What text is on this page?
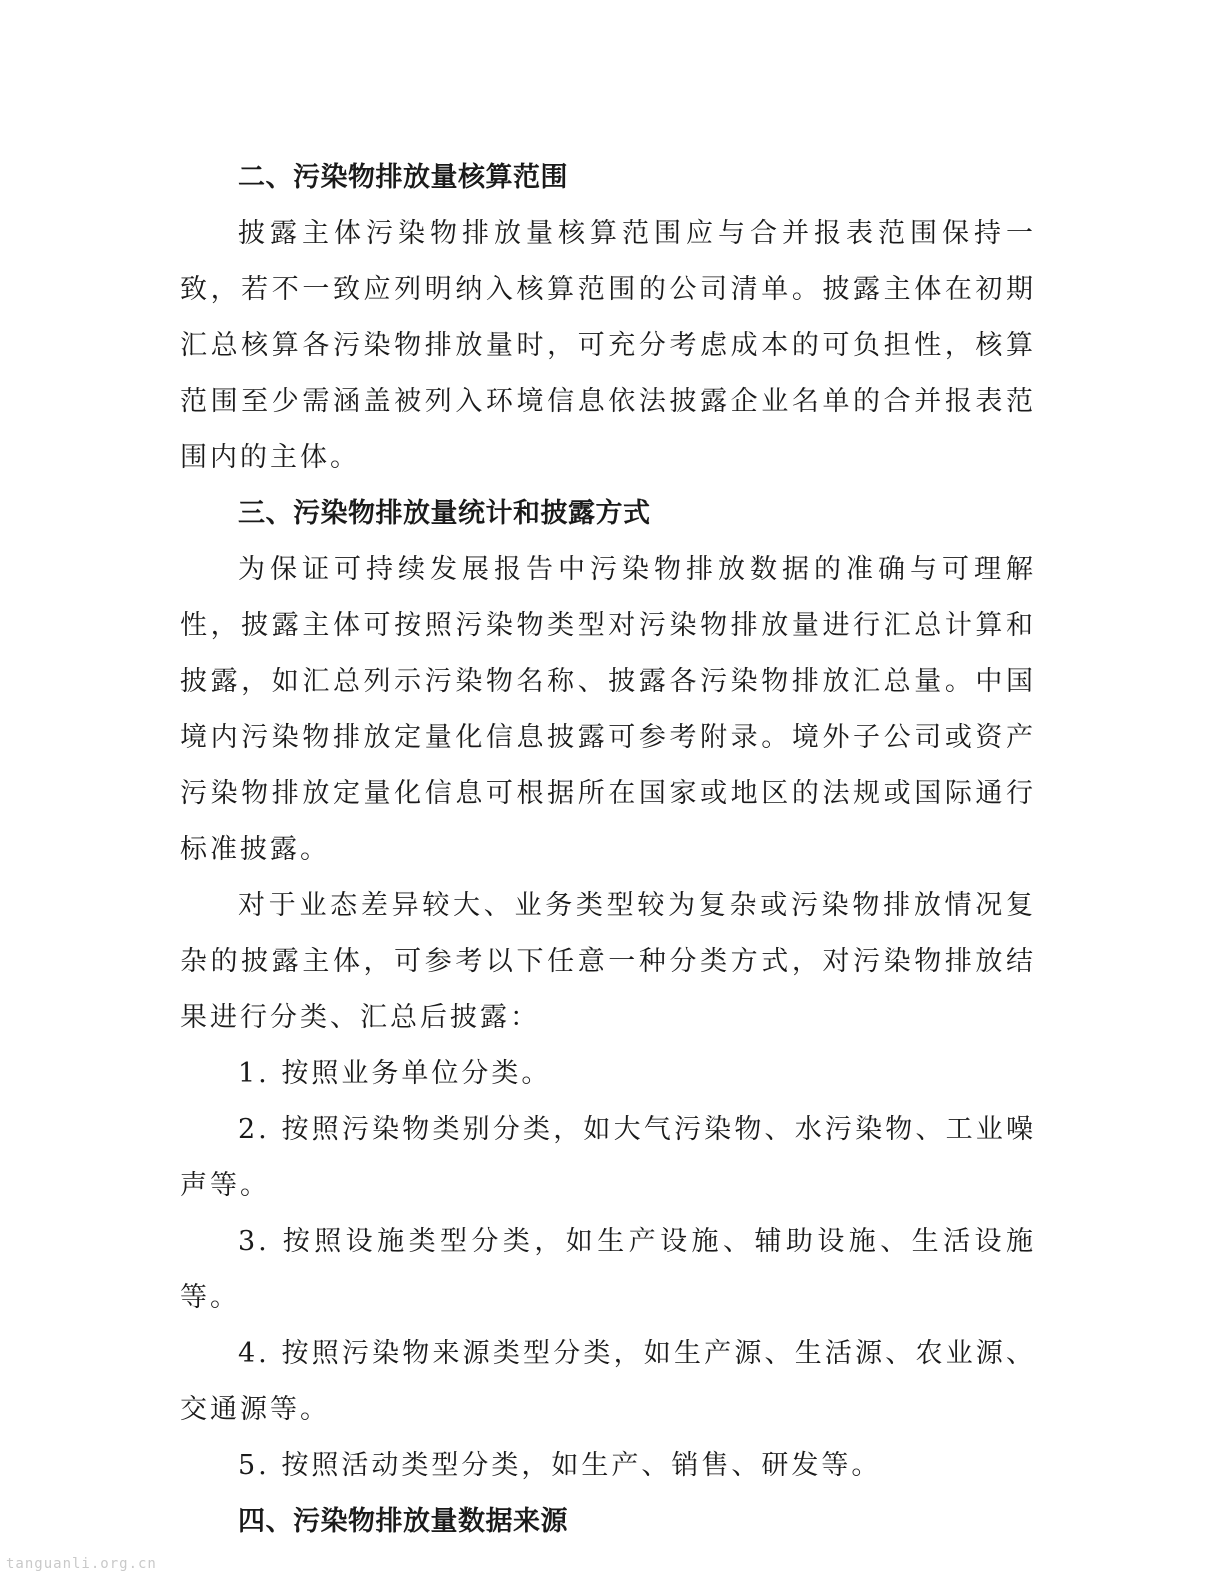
二、污染物排放量核算范围

披露主体污染物排放量核算范围应与合并报表范围保持一致，若不一致应列明纳入核算范围的公司清单。披露主体在初期汇总核算各污染物排放量时，可充分考虑成本的可负担性，核算范围至少需涵盖被列入环境信息依法披露企业名单的合并报表范围内的主体。

三、污染物排放量统计和披露方式

为保证可持续发展报告中污染物排放数据的准确与可理解性，披露主体可按照污染物类型对污染物排放量进行汇总计算和披露，如汇总列示污染物名称、披露各污染物排放汇总量。中国境内污染物排放定量化信息披露可参考附录。境外子公司或资产污染物排放定量化信息可根据所在国家或地区的法规或国际通行标准披露。

对于业态差异较大、业务类型较为复杂或污染物排放情况复杂的披露主体，可参考以下任意一种分类方式，对污染物排放结果进行分类、汇总后披露：

1. 按照业务单位分类。

2. 按照污染物类别分类，如大气污染物、水污染物、工业噪声等。

3. 按照设施类型分类，如生产设施、辅助设施、生活设施等。

4. 按照污染物来源类型分类，如生产源、生活源、农业源、交通源等。

5. 按照活动类型分类，如生产、销售、研发等。

四、污染物排放量数据来源
tanguanli.org.cn
